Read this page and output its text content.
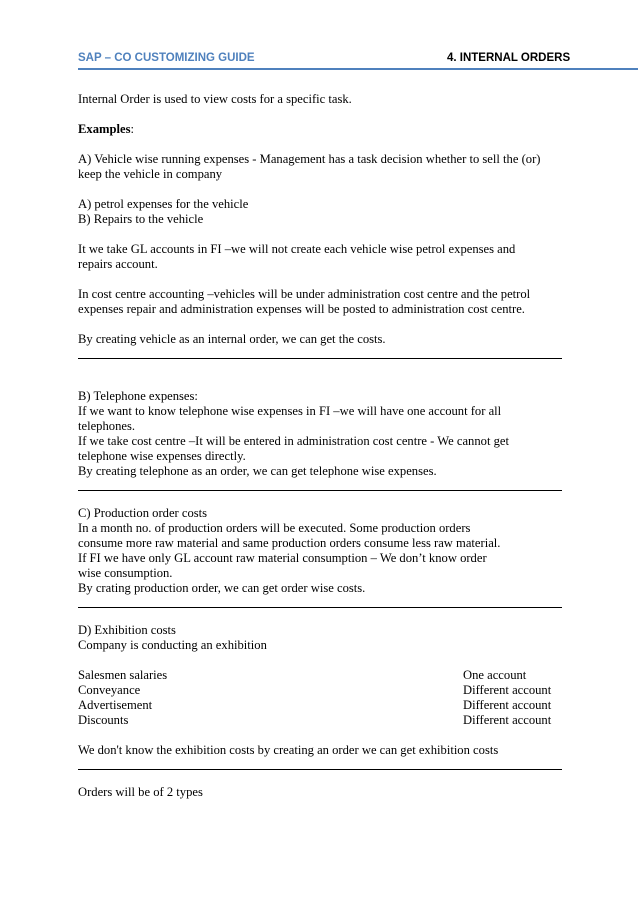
SAP – CO CUSTOMIZING GUIDE	4. INTERNAL ORDERS

Internal Order is used to view costs for a specific task.

Examples:

A) Vehicle wise running expenses - Management has a task decision whether to sell the (or)

keep the vehicle in company

A) petrol expenses for the vehicle

B) Repairs to the vehicle

It we take GL accounts in FI –we will not create each vehicle wise petrol expenses and

repairs account.

In cost centre accounting –vehicles will be under administration cost centre and the petrol

expenses repair and administration expenses will be posted to administration cost centre.

By creating vehicle as an internal order, we can get the costs.

B) Telephone expenses:

If we want to know telephone wise expenses in FI –we will have one account for all

telephones.

If we take cost centre –It will be entered in administration cost centre - We cannot get

telephone wise expenses directly.

By creating telephone as an order, we can get telephone wise expenses.

C) Production order costs

In a month no. of production orders will be executed. Some production orders

consume more raw material and same production orders consume less raw material.

If FI we have only GL account raw material consumption – We don’t know order

wise consumption.

By crating production order, we can get order wise costs.

D) Exhibition costs

Company is conducting an exhibition

Salesmen salaries	One account
Conveyance	Different account
Advertisement	Different account
Discounts	Different account

We don't know the exhibition costs by creating an order we can get exhibition costs

Orders will be of 2 types
